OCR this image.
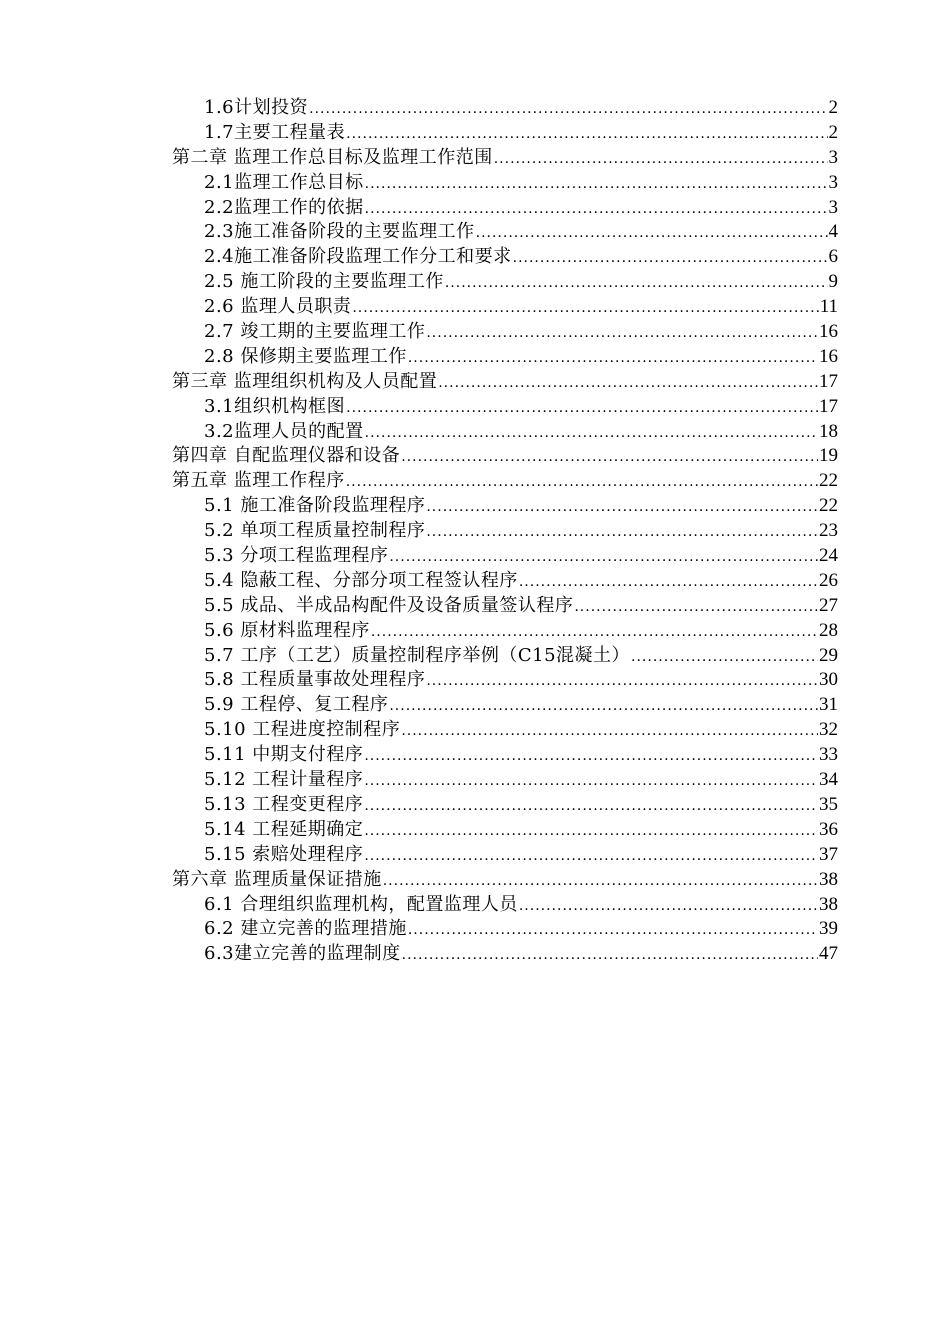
1.6计划投资 .....	2
1.7主要工程量表 .....	2
第二章 监理工作总目标及监理工作范围 .....	3
2.1监理工作总目标 .....	3
2.2监理工作的依据 .....	3
2.3施工准备阶段的主要监理工作 .....	4
2.4施工准备阶段监理工作分工和要求 .....	6
2.5 施工阶段的主要监理工作 .....	9
2.6 监理人员职责 .....	11
2.7 竣工期的主要监理工作 .....	16
2.8 保修期主要监理工作 .....	16
第三章 监理组织机构及人员配置 .....	17
3.1组织机构框图 .....	17
3.2监理人员的配置 .....	18
第四章 自配监理仪器和设备 .....	19
第五章 监理工作程序 .....	22
5.1 施工准备阶段监理程序 .....	22
5.2 单项工程质量控制程序 .....	23
5.3 分项工程监理程序 .....	24
5.4 隐蔽工程、分部分项工程签认程序 .....	26
5.5 成品、半成品构配件及设备质量签认程序 .....	27
5.6 原材料监理程序 .....	28
5.7 工序（工艺）质量控制程序举例（C15混凝土） .....	29
5.8 工程质量事故处理程序 .....	30
5.9 工程停、复工程序 .....	31
5.10 工程进度控制程序 .....	32
5.11 中期支付程序 .....	33
5.12 工程计量程序 .....	34
5.13 工程变更程序 .....	35
5.14 工程延期确定 .....	36
5.15 索赔处理程序 .....	37
第六章 监理质量保证措施 .....	38
6.1 合理组织监理机构，配置监理人员 .....	38
6.2 建立完善的监理措施 .....	39
6.3建立完善的监理制度 .....	47
